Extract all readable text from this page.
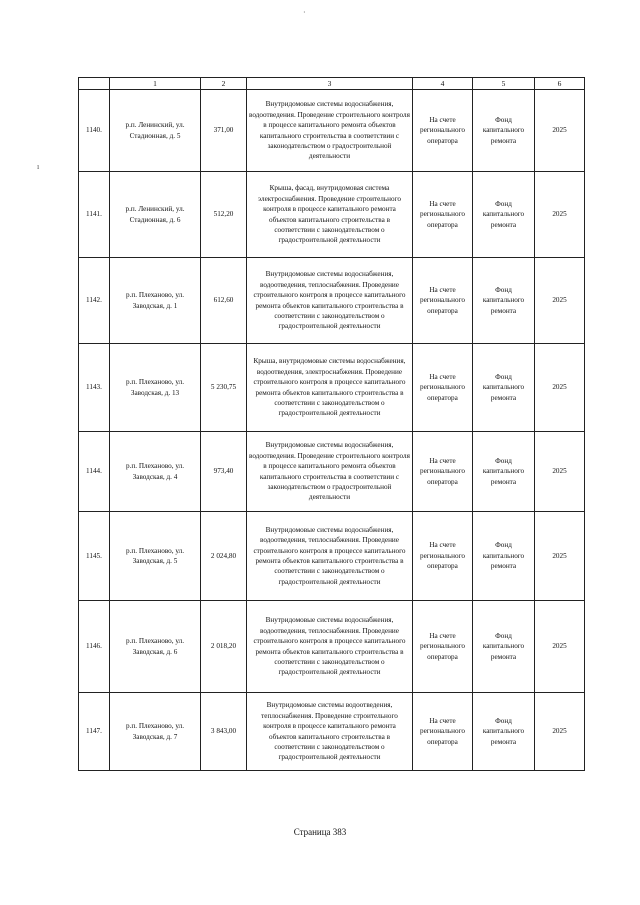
	1	2	3	4	5	6
1140.	р.п. Ленинский, ул. Стадионная, д. 5	371,00	Внутридомовые системы водоснабжения, водоотведения. Проведение строительного контроля в процессе капитального ремонта объектов капитального строительства в соответствии с законодательством о градостроительной деятельности	На счете регионального оператора	Фонд капитального ремонта	2025
1141.	р.п. Ленинский, ул. Стадионная, д. 6	512,20	Крыша, фасад, внутридомовая система электроснабжения. Проведение строительного контроля в процессе капитального ремонта объектов капитального строительства в соответствии с законодательством о градостроительной деятельности	На счете регионального оператора	Фонд капитального ремонта	2025
1142.	р.п. Плеханово, ул. Заводская, д. 1	612,60	Внутридомовые системы водоснабжения, водоотведения, теплоснабжения. Проведение строительного контроля в процессе капитального ремонта объектов капитального строительства в соответствии с законодательством о градостроительной деятельности	На счете регионального оператора	Фонд капитального ремонта	2025
1143.	р.п. Плеханово, ул. Заводская, д. 13	5 230,75	Крыша, внутридомовые системы водоснабжения, водоотведения, электроснабжения. Проведение строительного контроля в процессе капитального ремонта объектов капитального строительства в соответствии с законодательством о градостроительной деятельности	На счете регионального оператора	Фонд капитального ремонта	2025
1144.	р.п. Плеханово, ул. Заводская, д. 4	973,40	Внутридомовые системы водоснабжения, водоотведения. Проведение строительного контроля в процессе капитального ремонта объектов капитального строительства в соответствии с законодательством о градостроительной деятельности	На счете регионального оператора	Фонд капитального ремонта	2025
1145.	р.п. Плеханово, ул. Заводская, д. 5	2 024,80	Внутридомовые системы водоснабжения, водоотведения, теплоснабжения. Проведение строительного контроля в процессе капитального ремонта объектов капитального строительства в соответствии с законодательством о градостроительной деятельности	На счете регионального оператора	Фонд капитального ремонта	2025
1146.	р.п. Плеханово, ул. Заводская, д. 6	2 018,20	Внутридомовые системы водоснабжения, водоотведения, теплоснабжения. Проведение строительного контроля в процессе капитального ремонта объектов капитального строительства в соответствии с законодательством о градостроительной деятельности	На счете регионального оператора	Фонд капитального ремонта	2025
1147.	р.п. Плеханово, ул. Заводская, д. 7	3 843,00	Внутридомовые системы водоотведения, теплоснабжения. Проведение строительного контроля в процессе капитального ремонта объектов капитального строительства в соответствии с законодательством о градостроительной деятельности	На счете регионального оператора	Фонд капитального ремонта	2025
·
ı
Страница 383
